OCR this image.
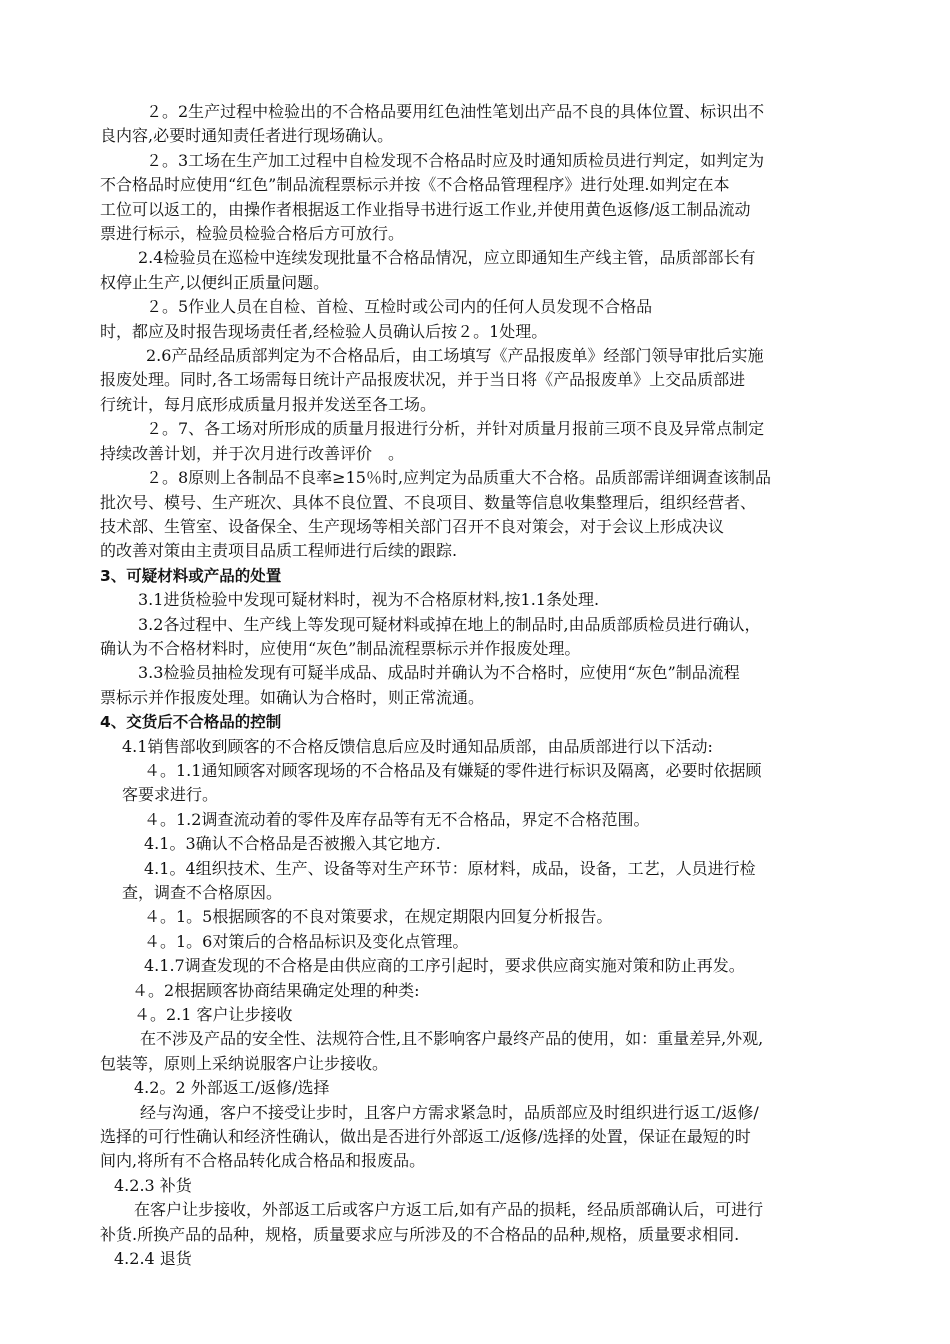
２。2生产过程中检验出的不合格品要用红色油性笔划出产品不良的具体位置、标识出不
良内容,必要时通知责任者进行现场确认。
２。3工场在生产加工过程中自检发现不合格品时应及时通知质检员进行判定，如判定为
不合格品时应使用“红色”制品流程票标示并按《不合格品管理程序》进行处理.如判定在本
工位可以返工的，由操作者根据返工作业指导书进行返工作业,并使用黄色返修/返工制品流动
票进行标示，检验员检验合格后方可放行。
2.4检验员在巡检中连续发现批量不合格品情况，应立即通知生产线主管，品质部部长有
权停止生产,以便纠正质量问题。
２。5作业人员在自检、首检、互检时或公司内的任何人员发现不合格品
时，都应及时报告现场责任者,经检验人员确认后按２。1处理。
2.6产品经品质部判定为不合格品后，由工场填写《产品报废单》经部门领导审批后实施
报废处理。同时,各工场需每日统计产品报废状况，并于当日将《产品报废单》上交品质部进
行统计，每月底形成质量月报并发送至各工场。
２。7、各工场对所形成的质量月报进行分析，并针对质量月报前三项不良及异常点制定
持续改善计划，并于次月进行改善评价　。
２。8原则上各制品不良率≥15％时,应判定为品质重大不合格。品质部需详细调查该制品
批次号、模号、生产班次、具体不良位置、不良项目、数量等信息收集整理后，组织经营者、
技术部、生管室、设备保全、生产现场等相关部门召开不良对策会，对于会议上形成决议
的改善对策由主责项目品质工程师进行后续的跟踪.
3、可疑材料或产品的处置
3.1进货检验中发现可疑材料时，视为不合格原材料,按1.1条处理.
3.2各过程中、生产线上等发现可疑材料或掉在地上的制品时,由品质部质检员进行确认，
确认为不合格材料时，应使用“灰色”制品流程票标示并作报废处理。
3.3检验员抽检发现有可疑半成品、成品时并确认为不合格时，应使用“灰色”制品流程
票标示并作报废处理。如确认为合格时，则正常流通。
4、交货后不合格品的控制
4.1销售部收到顾客的不合格反馈信息后应及时通知品质部，由品质部进行以下活动:
４。1.1通知顾客对顾客现场的不合格品及有嫌疑的零件进行标识及隔离，必要时依据顾
客要求进行。
４。1.2调查流动着的零件及库存品等有无不合格品，界定不合格范围。
4.1。3确认不合格品是否被搬入其它地方.
4.1。4组织技术、生产、设备等对生产环节：原材料，成品，设备，工艺，人员进行检
查，调查不合格原因。
４。1。5根据顾客的不良对策要求，在规定期限内回复分析报告。
４。1。6对策后的合格品标识及变化点管理。
4.1.7调查发现的不合格是由供应商的工序引起时，要求供应商实施对策和防止再发。
４。2根据顾客协商结果确定处理的种类:
４。2.1 客户让步接收
在不涉及产品的安全性、法规符合性,且不影响客户最终产品的使用，如：重量差异,外观,
包装等，原则上采纳说服客户让步接收。
4.2。2 外部返工/返修/选择
经与沟通，客户不接受让步时，且客户方需求紧急时，品质部应及时组织进行返工/返修/
选择的可行性确认和经济性确认，做出是否进行外部返工/返修/选择的处置，保证在最短的时
间内,将所有不合格品转化成合格品和报废品。
4.2.3 补货
在客户让步接收，外部返工后或客户方返工后,如有产品的损耗，经品质部确认后，可进行
补货.所换产品的品种，规格，质量要求应与所涉及的不合格品的品种,规格，质量要求相同.
4.2.4 退货
